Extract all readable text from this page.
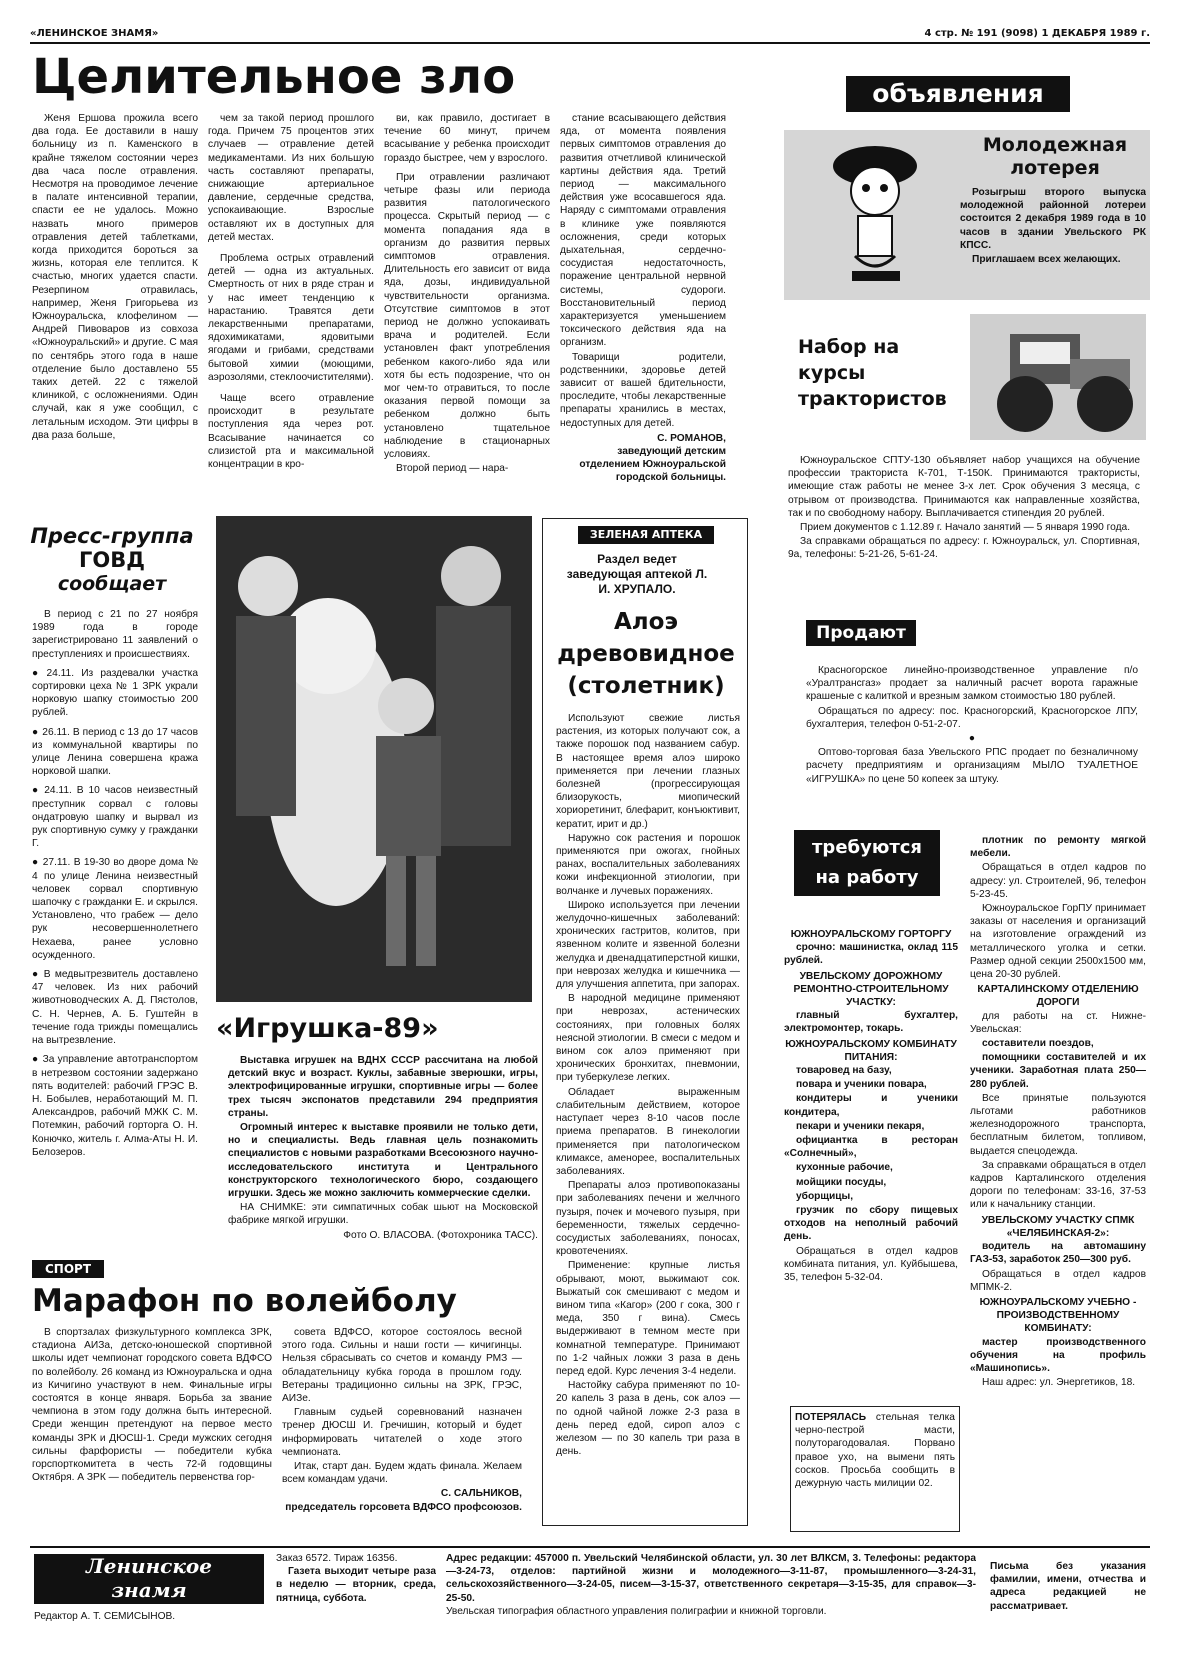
«ЛЕНИНСКОЕ ЗНАМЯ»	4 стр. № 191 (9098) 1 ДЕКАБРЯ 1989 г.
Целительное зло

Женя Ершова прожила всего два года. Ее доставили в нашу больницу из п. Каменского в крайне тяжелом состоянии через два часа после отравления. Несмотря на проводимое лечение в палате интенсивной терапии, спасти ее не удалось. Можно назвать много примеров отравления детей таблетками, когда приходится бороться за жизнь, которая еле теплится. К счастью, многих удается спасти. Резерпином отравилась, например, Женя Григорьева из Южноуральска, клофелином — Андрей Пивоваров из совхоза «Южноуральский» и другие. С мая по сентябрь этого года в наше отделение было доставлено 55 таких детей. 22 с тяжелой клиникой, с осложнениями. Один случай, как я уже сообщил, с летальным исходом. Эти цифры в два раза больше,

чем за такой период прошлого года. Причем 75 процентов этих случаев — отравление детей медикаментами. Из них большую часть составляют препараты, снижающие артериальное давление, сердечные средства, успокаивающие. Взрослые оставляют их в доступных для детей местах.

Проблема острых отравлений детей — одна из актуальных. Смертность от них в ряде стран и у нас имеет тенденцию к нарастанию. Травятся дети лекарственными препаратами, ядохимикатами, ядовитыми ягодами и грибами, средствами бытовой химии (моющими, аэрозолями, стеклоочистителями).

Чаще всего отравление происходит в результате поступления яда через рот. Всасывание начинается со слизистой рта и максимальной концентрации в кро-

ви, как правило, достигает в течение 60 минут, причем всасывание у ребенка происходит гораздо быстрее, чем у взрослого.

При отравлении различают четыре фазы или периода развития патологического процесса. Скрытый период — с момента попадания яда в организм до развития первых симптомов отравления. Длительность его зависит от вида яда, дозы, индивидуальной чувствительности организма. Отсутствие симптомов в этот период не должно успокаивать врача и родителей. Если установлен факт употребления ребенком какого-либо яда или хотя бы есть подозрение, что он мог чем-то отравиться, то после оказания первой помощи за ребенком должно быть установлено тщательное наблюдение в стационарных условиях.

Второй период — нара-

стание всасывающего действия яда, от момента появления первых симптомов отравления до развития отчетливой клинической картины действия яда. Третий период — максимального действия уже всосавшегося яда. Наряду с симптомами отравления в клинике уже появляются осложнения, среди которых дыхательная, сердечно-сосудистая недостаточность, поражение центральной нервной системы, судороги. Восстановительный период характеризуется уменьшением токсического действия яда на организм.

Товарищи родители, родственники, здоровье детей зависит от вашей бдительности, проследите, чтобы лекарственные препараты хранились в местах, недоступных для детей.

С. РОМАНОВ,
заведующий детским отделением Южноуральской городской больницы.
Пресс-группа
ГОВД
сообщает

В период с 21 по 27 ноября 1989 года в городе зарегистрировано 11 заявлений о преступлениях и происшествиях.

● 24.11. Из раздевалки участка сортировки цеха № 1 ЗРК украли норковую шапку стоимостью 200 рублей.

● 26.11. В период с 13 до 17 часов из коммунальной квартиры по улице Ленина совершена кража норковой шапки.

● 24.11. В 10 часов неизвестный преступник сорвал с головы ондатровую шапку и вырвал из рук спортивную сумку у гражданки Г.

● 27.11. В 19-30 во дворе дома № 4 по улице Ленина неизвестный человек сорвал спортивную шапочку с гражданки Е. и скрылся. Установлено, что грабеж — дело рук несовершеннолетнего Нехаева, ранее условно осужденного.

● В медвытрезвитель доставлено 47 человек. Из них рабочий животноводческих А. Д. Пястолов, С. Н. Чернев, А. Б. Гуштейн в течение года трижды помещались на вытрезвление.

● За управление автотранспортом в нетрезвом состоянии задержано пять водителей: рабочий ГРЭС В. Н. Бобылев, неработающий М. П. Александров, рабочий МЖК С. М. Потемкин, рабочий горторга О. Н. Конючко, житель г. Алма-Аты Н. И. Белозеров.

«Игрушка-89»

Выставка игрушек на ВДНХ СССР рассчитана на любой детский вкус и возраст. Куклы, забавные зверюшки, игры, электрофицированные игрушки, спортивные игры — более трех тысяч экспонатов представили 294 предприятия страны.

Огромный интерес к выставке проявили не только дети, но и специалисты. Ведь главная цель познакомить специалистов с новыми разработками Всесоюзного научно-исследовательского института и Центрального конструкторского технологического бюро, создающего игрушки. Здесь же можно заключить коммерческие сделки.

НА СНИМКЕ: эти симпатичных собак шьют на Московской фабрике мягкой игрушки.

Фото О. ВЛАСОВА. (Фотохроника ТАСС).

СПОРТ
Марафон по волейболу

В спортзалах физкультурного комплекса ЗРК, стадиона АИЗа, детско-юношеской спортивной школы идет чемпионат городского совета ВДФСО по волейболу. 26 команд из Южноуральска и одна из Кичигино участвуют в нем. Финальные игры состоятся в конце января. Борьба за звание чемпиона в этом году должна быть интересной. Среди женщин претендуют на первое место команды ЗРК и ДЮСШ-1. Среди мужских сегодня сильны фарфористы — победители кубка горспорткомитета в честь 72-й годовщины Октября. А ЗРК — победитель первенства гор-

совета ВДФСО, которое состоялось весной этого года. Сильны и наши гости — кичигинцы. Нельзя сбрасывать со счетов и команду РМЗ — обладательницу кубка города в прошлом году. Ветераны традиционно сильны на ЗРК, ГРЭС, АИЗе.

Главным судьей соревнований назначен тренер ДЮСШ И. Гречишин, который и будет информировать читателей о ходе этого чемпионата.

Итак, старт дан. Будем ждать финала. Желаем всем командам удачи.

С. САЛЬНИКОВ,
председатель горсовета ВДФСО профсоюзов.
ЗЕЛЕНАЯ АПТЕКА
Раздел ведет заведующая аптекой Л. И. ХРУПАЛО.
Алоэ
древовидное
(столетник)

Используют свежие листья растения, из которых получают сок, а также порошок под названием сабур. В настоящее время алоэ широко применяется при лечении глазных болезней (прогрессирующая близорукость, миопический хориоретинит, блефарит, конъюктивит, кератит, ирит и др.)

Наружно сок растения и порошок применяются при ожогах, гнойных ранах, воспалительных заболеваниях кожи инфекционной этиологии, при волчанке и лучевых поражениях.

Широко используется при лечении желудочно-кишечных заболеваний: хронических гастритов, колитов, при язвенном колите и язвенной болезни желудка и двенадцатиперстной кишки, при неврозах желудка и кишечника — для улучшения аппетита, при запорах.

В народной медицине применяют при неврозах, астенических состояниях, при головных болях неясной этиологии. В смеси с медом и вином сок алоэ применяют при хронических бронхитах, пневмонии, при туберкулезе легких.

Обладает выраженным слабительным действием, которое наступает через 8-10 часов после приема препаратов. В гинекологии применяется при патологическом климаксе, аменорее, воспалительных заболеваниях.

Препараты алоэ противопоказаны при заболеваниях печени и желчного пузыря, почек и мочевого пузыря, при беременности, тяжелых сердечно-сосудистых заболеваниях, поносах, кровотечениях.

Применение: крупные листья обрывают, моют, выжимают сок. Выжатый сок смешивают с медом и вином типа «Кагор» (200 г сока, 300 г меда, 350 г вина). Смесь выдерживают в темном месте при комнатной температуре. Принимают по 1-2 чайных ложки 3 раза в день перед едой. Курс лечения 3-4 недели.

Настойку сабура применяют по 10-20 капель 3 раза в день, сок алоэ — по одной чайной ложке 2-3 раза в день перед едой, сироп алоэ с железом — по 30 капель три раза в день.

объявления
Молодежная
лотерея

Розыгрыш второго выпуска молодежной районной лотереи состоится 2 декабря 1989 года в 10 часов в здании Увельского РК КПСС.

Приглашаем всех желающих.

Набор на курсы трактористов

Южноуральское СПТУ-130 объявляет набор учащихся на обучение профессии тракториста К-701, Т-150К. Принимаются трактористы, имеющие стаж работы не менее 3-х лет. Срок обучения 3 месяца, с отрывом от производства. Принимаются как направленные хозяйства, так и по свободному набору. Выплачивается стипендия 20 рублей.

Прием документов с 1.12.89 г. Начало занятий — 5 января 1990 года.

За справками обращаться по адресу: г. Южноуральск, ул. Спортивная, 9а, телефоны: 5-21-26, 5-61-24.

Продают

Красногорское линейно-производственное управление п/о «Уралтрансгаз» продает за наличный расчет ворота гаражные крашеные с калиткой и врезным замком стоимостью 180 рублей.

Обращаться по адресу: пос. Красногорский, Красногорское ЛПУ, бухгалтерия, телефон 0-51-2-07.

●

Оптово-торговая база Увельского РПС продает по безналичному расчету предприятиям и организациям МЫЛО ТУАЛЕТНОЕ «ИГРУШКА» по цене 50 копеек за штуку.

требуются
на работу
ЮЖНОУРАЛЬСКОМУ ГОРТОРГУ

срочно: машинистка, оклад 115 рублей.

УВЕЛЬСКОМУ ДОРОЖНОМУ РЕМОНТНО-СТРОИТЕЛЬНОМУ УЧАСТКУ:

главный бухгалтер, электромонтер, токарь.

ЮЖНОУРАЛЬСКОМУ КОМБИНАТУ ПИТАНИЯ:

товаровед на базу,

повара и ученики повара,

кондитеры и ученики кондитера,

пекари и ученики пекаря,

официантка в ресторан «Солнечный»,

кухонные рабочие,

мойщики посуды,

уборщицы,

грузчик по сбору пищевых отходов на неполный рабочий день.

Обращаться в отдел кадров комбината питания, ул. Куйбышева, 35, телефон 5-32-04.

ПОТЕРЯЛАСЬ стельная телка черно-пестрой масти, полуторагодовалая. Порвано правое ухо, на вымени пять сосков. Просьба сообщить в дежурную часть милиции 02.

плотник по ремонту мягкой мебели.

Обращаться в отдел кадров по адресу: ул. Строителей, 9б, телефон 5-23-45.

Южноуральское ГорПУ принимает заказы от населения и организаций на изготовление ограждений из металлического уголка и сетки. Размер одной секции 2500х1500 мм, цена 20-30 рублей.

КАРТАЛИНСКОМУ ОТДЕЛЕНИЮ ДОРОГИ

для работы на ст. Нижне-Увельская:

составители поездов,

помощники составителей и их ученики. Заработная плата 250—280 рублей.

Все принятые пользуются льготами работников железнодорожного транспорта, бесплатным билетом, топливом, выдается спецодежда.

За справками обращаться в отдел кадров Карталинского отделения дороги по телефонам: 33-16, 37-53 или к начальнику станции.

УВЕЛЬСКОМУ УЧАСТКУ СПМК «ЧЕЛЯБИНСКАЯ-2»:

водитель на автомашину ГАЗ-53, заработок 250—300 руб.

Обращаться в отдел кадров МПМК-2.

ЮЖНОУРАЛЬСКОМУ УЧЕБНО - ПРОИЗВОДСТВЕННОМУ КОМБИНАТУ:

мастер производственного обучения на профиль «Машинопись».

Наш адрес: ул. Энергетиков, 18.

Ленинское
знамя
Редактор А. Т. СЕМИСЫНОВ.
Заказ 6572. Тираж 16356.

Газета выходит четыре раза в неделю — вторник, среда, пятница, суббота.

Адрес редакции: 457000 п. Увельский Челябинской области, ул. 30 лет ВЛКСМ, 3. Телефоны: редактора—3-24-73, отделов: партийной жизни и молодежного—3-11-87, промышленного—3-24-31, сельскохозяйственного—3-24-05, писем—3-15-37, ответственного секретаря—3-15-35, для справок—3-25-50.
Увельская типография областного управления полиграфии и книжной торговли.
Письма без указания фамилии, имени, отчества и адреса редакцией не рассматривает.
